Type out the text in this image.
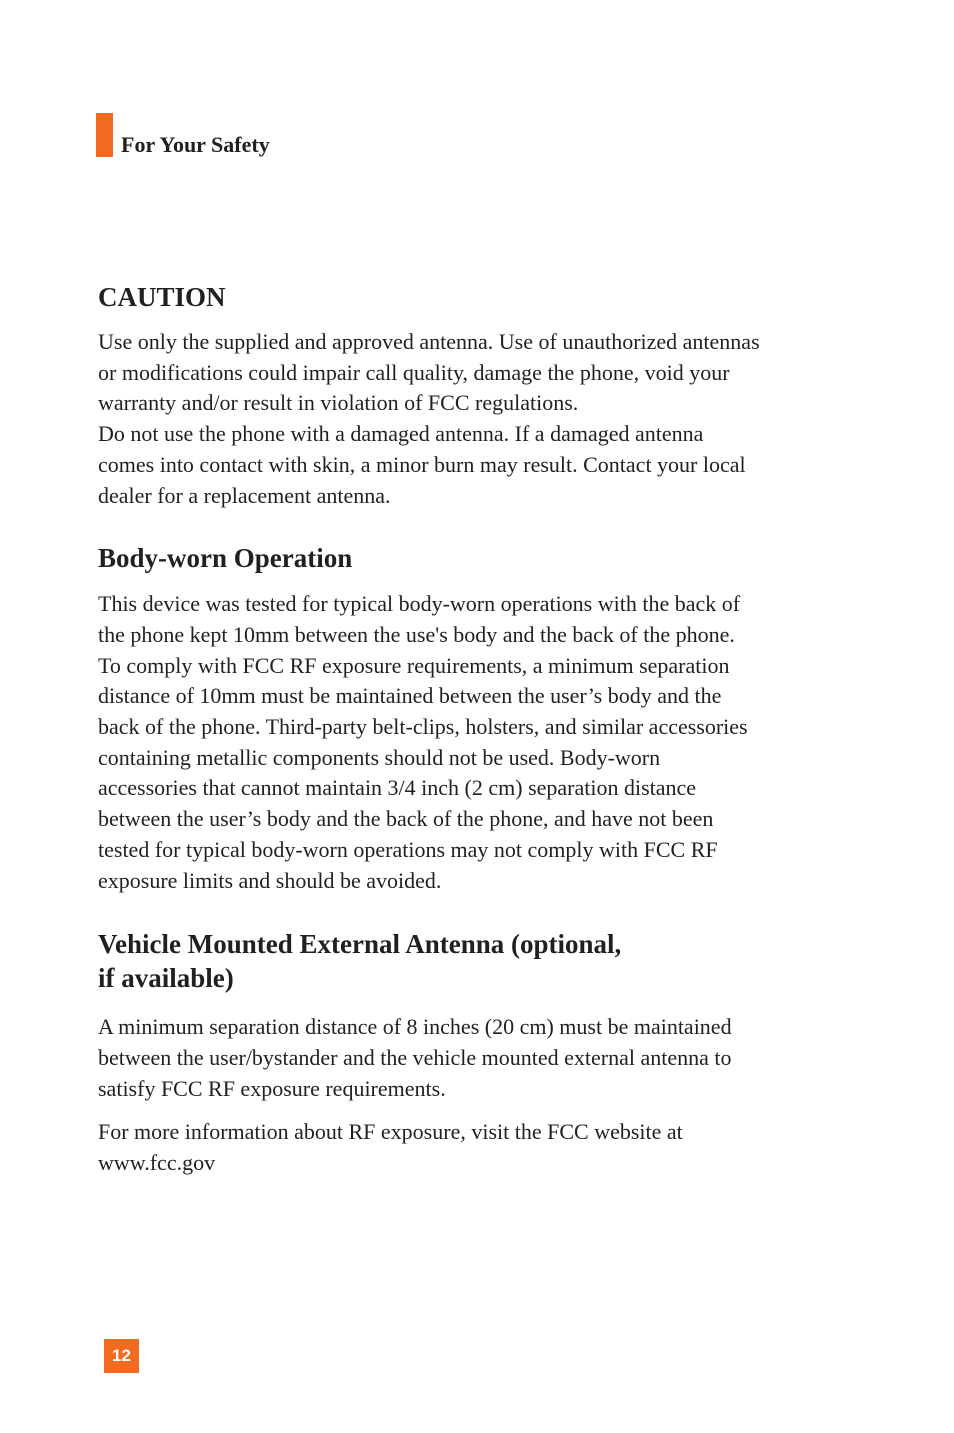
For Your Safety
CAUTION

Use only the supplied and approved antenna. Use of unauthorized antennas
or modifications could impair call quality, damage the phone, void your
warranty and/or result in violation of FCC regulations.
Do not use the phone with a damaged antenna. If a damaged antenna
comes into contact with skin, a minor burn may result. Contact your local
dealer for a replacement antenna.

Body-worn Operation

This device was tested for typical body-worn operations with the back of
the phone kept 10mm between the use's body and the back of the phone.
To comply with FCC RF exposure requirements, a minimum separation
distance of 10mm must be maintained between the user’s body and the
back of the phone. Third-party belt-clips, holsters, and similar accessories
containing metallic components should not be used. Body-worn
accessories that cannot maintain 3/4 inch (2 cm) separation distance
between the user’s body and the back of the phone, and have not been
tested for typical body-worn operations may not comply with FCC RF
exposure limits and should be avoided.

Vehicle Mounted External Antenna (optional,
if available)

A minimum separation distance of 8 inches (20 cm) must be maintained
between the user/bystander and the vehicle mounted external antenna to
satisfy FCC RF exposure requirements.

For more information about RF exposure, visit the FCC website at
www.fcc.gov

12
